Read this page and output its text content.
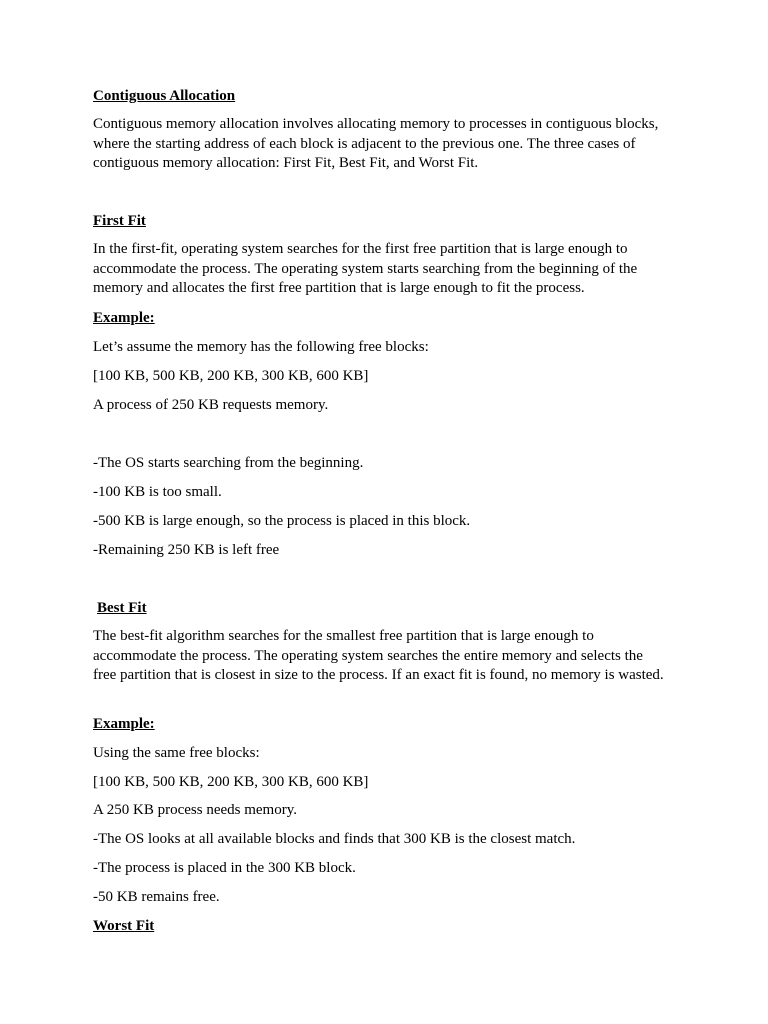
Contiguous Allocation
Contiguous memory allocation involves allocating memory to processes in contiguous blocks, where the starting address of each block is adjacent to the previous one. The three cases of contiguous memory allocation: First Fit, Best Fit, and Worst Fit.
First Fit
In the first-fit, operating system searches for the first free partition that is large enough to accommodate the process. The operating system starts searching from the beginning of the memory and allocates the first free partition that is large enough to fit the process.
Example:
Let’s assume the memory has the following free blocks:
[100 KB, 500 KB, 200 KB, 300 KB, 600 KB]
A process of 250 KB requests memory.
-The OS starts searching from the beginning.
-100 KB is too small.
-500 KB is large enough, so the process is placed in this block.
-Remaining 250 KB is left free
Best Fit
The best-fit algorithm searches for the smallest free partition that is large enough to accommodate the process. The operating system searches the entire memory and selects the free partition that is closest in size to the process. If an exact fit is found, no memory is wasted.
Example:
Using the same free blocks:
[100 KB, 500 KB, 200 KB, 300 KB, 600 KB]
A 250 KB process needs memory.
-The OS looks at all available blocks and finds that 300 KB is the closest match.
-The process is placed in the 300 KB block.
-50 KB remains free.
Worst Fit
